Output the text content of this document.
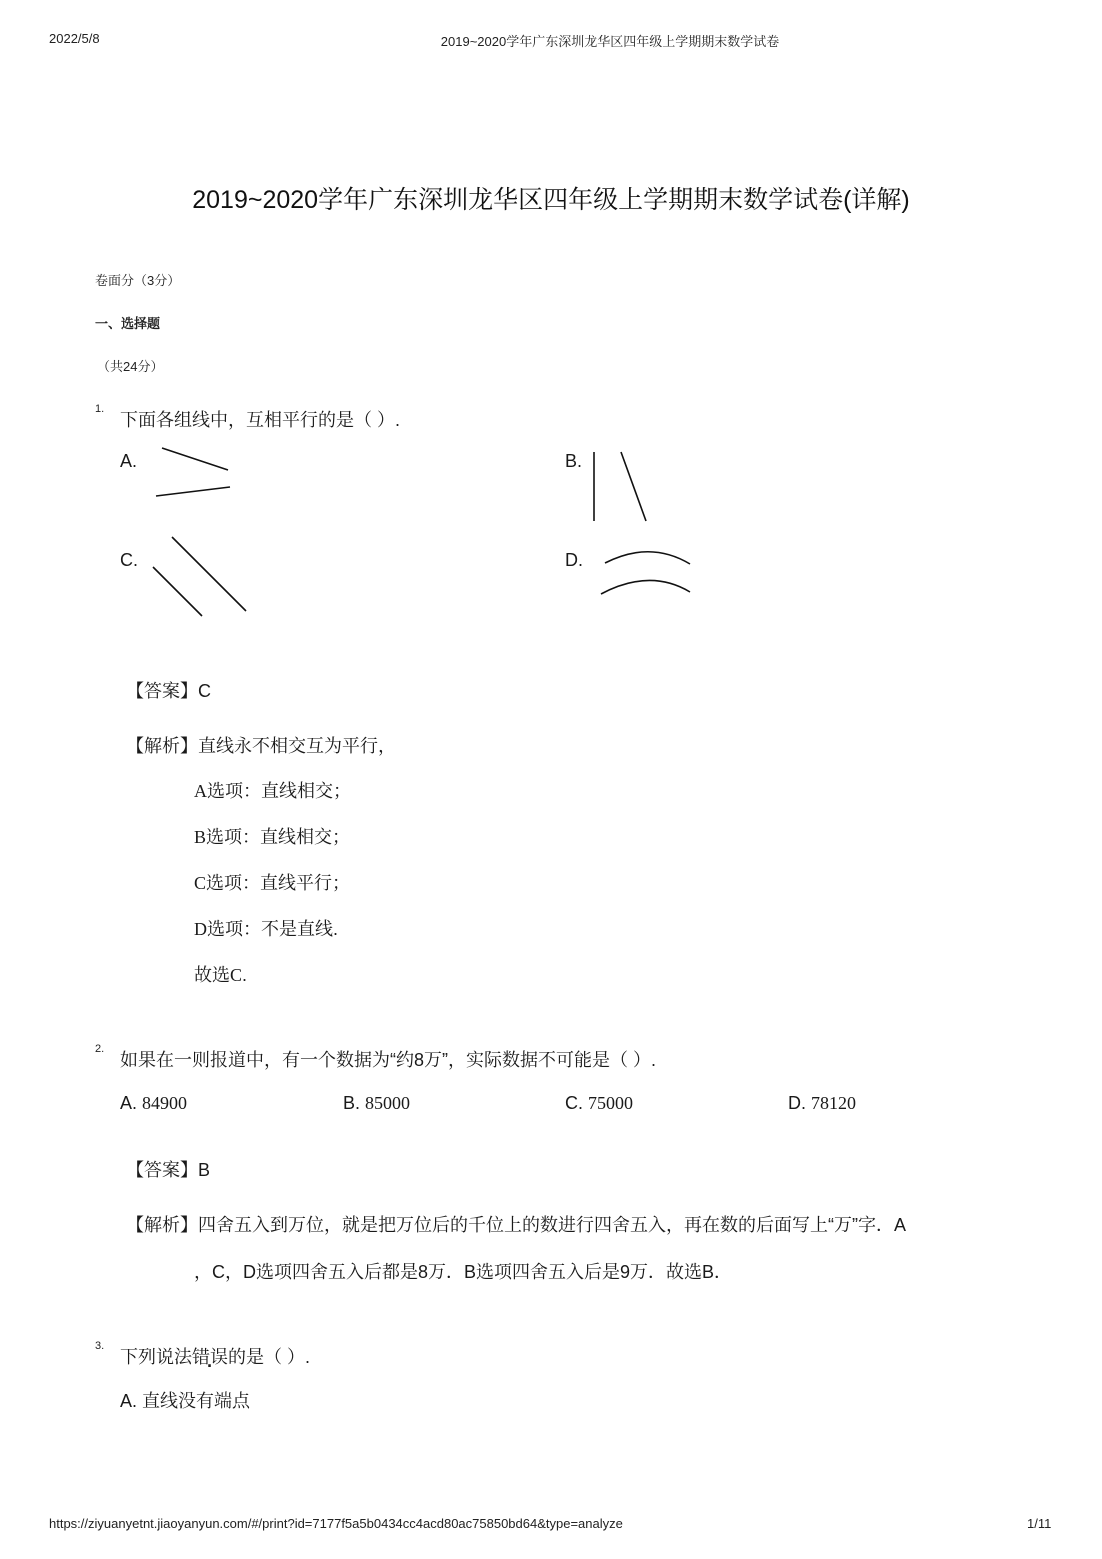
2022/5/8	2019~2020学年广东深圳龙华区四年级上学期期末数学试卷
2019~2020学年广东深圳龙华区四年级上学期期末数学试卷(详解)
卷面分（3分）
一、选择题
（共24分）
1.
下面各组线中，互相平行的是（ ）.
A.	B.
C.	D.
【答案】C
【解析】直线永不相交互为平行，
A选项：直线相交；
B选项：直线相交；
C选项：直线平行；
D选项：不是直线.
故选C.
2.
如果在一则报道中，有一个数据为“约8万”，实际数据不可能是（ ）.
A. 84900	B. 85000	C. 75000	D. 78120
【答案】B
【解析】四舍五入到万位，就是把万位后的千位上的数进行四舍五入，再在数的后面写上“万”字．A
，C，D选项四舍五入后都是8万．B选项四舍五入后是9万．故选B．
3.
下列说法错误的是（ ）.
A. 直线没有端点
https://ziyuanyetnt.jiaoyanyun.com/#/print?id=7177f5a5b0434cc4acd80ac75850bd64&type=analyze	1/11
